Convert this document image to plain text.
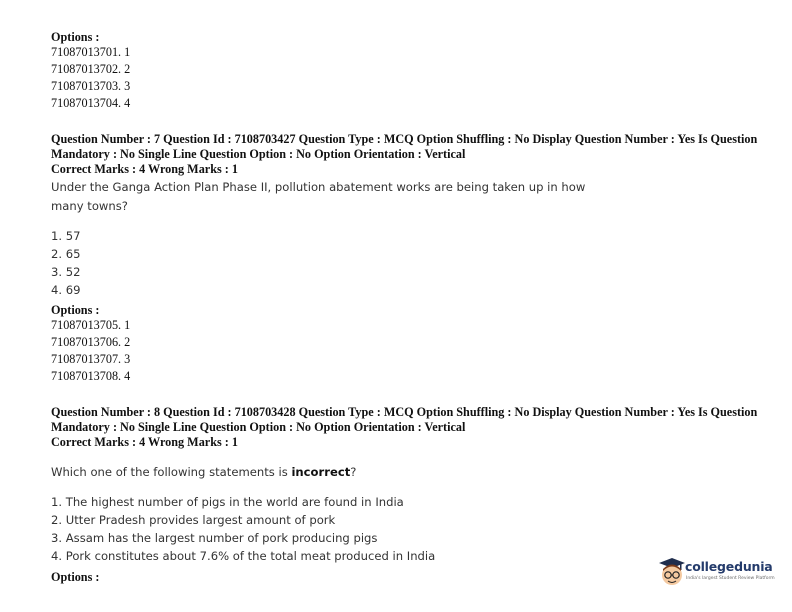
Options :
71087013701. 1
71087013702. 2
71087013703. 3
71087013704. 4
Question Number : 7 Question Id : 7108703427 Question Type : MCQ Option Shuffling : No Display Question Number : Yes Is Question
Mandatory : No Single Line Question Option : No Option Orientation : Vertical
Correct Marks : 4 Wrong Marks : 1
Under the Ganga Action Plan Phase II, pollution abatement works are being taken up in how
many towns?
1. 57
2. 65
3. 52
4. 69
Options :
71087013705. 1
71087013706. 2
71087013707. 3
71087013708. 4
Question Number : 8 Question Id : 7108703428 Question Type : MCQ Option Shuffling : No Display Question Number : Yes Is Question
Mandatory : No Single Line Question Option : No Option Orientation : Vertical
Correct Marks : 4 Wrong Marks : 1
Which one of the following statements is incorrect?
1. The highest number of pigs in the world are found in India
2. Utter Pradesh provides largest amount of pork
3. Assam has the largest number of pork producing pigs
4. Pork constitutes about 7.6% of the total meat produced in India
Options :
collegedunia
India's largest Student Review Platform
